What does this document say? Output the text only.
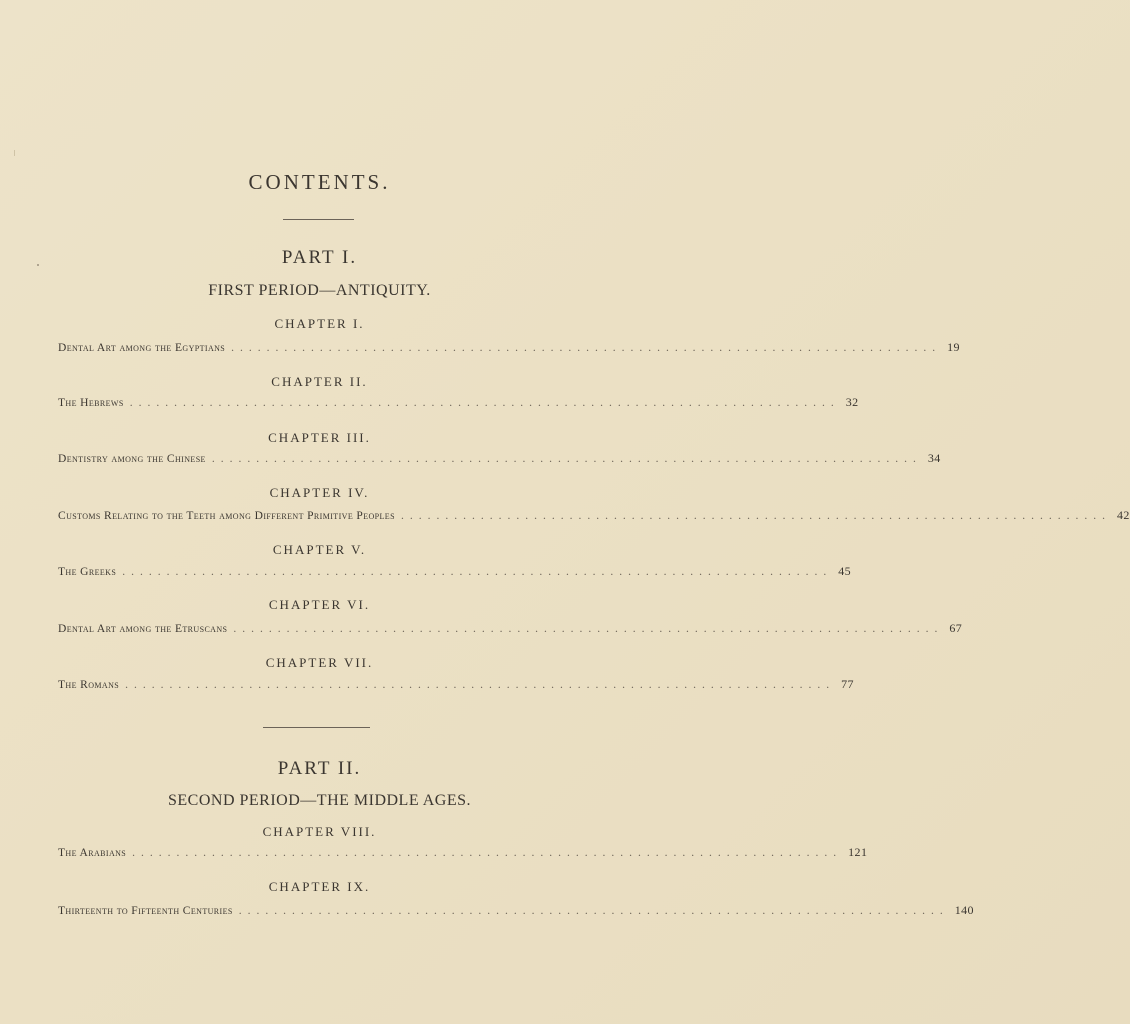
CONTENTS.
PART I.
FIRST PERIOD—ANTIQUITY.
CHAPTER I.
Dental Art among the Egyptians ................................................................................ 19
CHAPTER II.
The Hebrews ................................................................................ 32
CHAPTER III.
Dentistry among the Chinese ................................................................................ 34
CHAPTER IV.
Customs Relating to the Teeth among Different Primitive Peoples ................................................................................ 42
CHAPTER V.
The Greeks ................................................................................ 45
CHAPTER VI.
Dental Art among the Etruscans ................................................................................ 67
CHAPTER VII.
The Romans ................................................................................ 77
PART II.
SECOND PERIOD—THE MIDDLE AGES.
CHAPTER VIII.
The Arabians ................................................................................ 121
CHAPTER IX.
Thirteenth to Fifteenth Centuries ................................................................................ 140
